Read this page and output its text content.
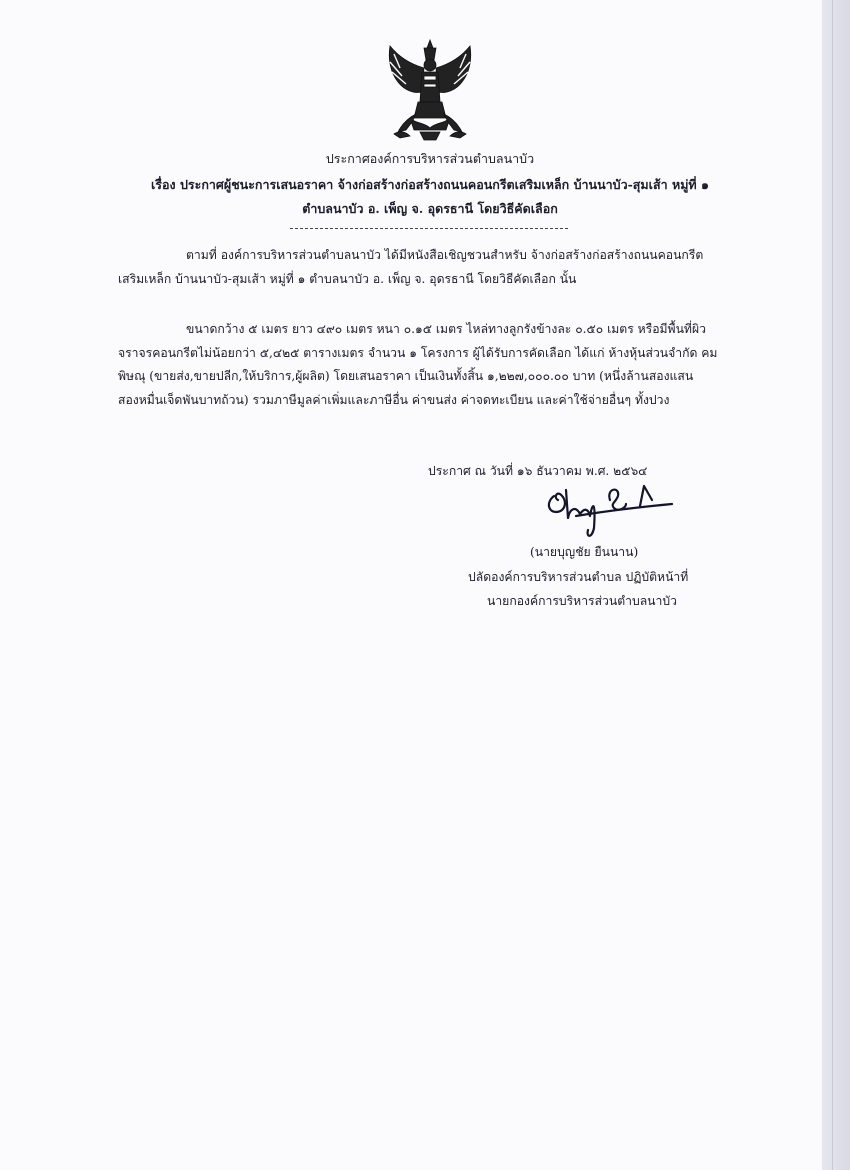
ประกาศองค์การบริหารส่วนตำบลนาบัว
เรื่อง ประกาศผู้ชนะการเสนอราคา จ้างก่อสร้างก่อสร้างถนนคอนกรีตเสริมเหล็ก บ้านนาบัว-สุมเส้า หมู่ที่ ๑
ตำบลนาบัว อ. เพ็ญ จ. อุดรธานี โดยวิธีคัดเลือก
ตามที่ องค์การบริหารส่วนตำบลนาบัว ได้มีหนังสือเชิญชวนสำหรับ จ้างก่อสร้างก่อสร้างถนนคอนกรีต
เสริมเหล็ก บ้านนาบัว-สุมเส้า หมู่ที่ ๑ ตำบลนาบัว อ. เพ็ญ จ. อุดรธานี โดยวิธีคัดเลือก นั้น
ขนาดกว้าง ๕ เมตร ยาว ๔๙๐ เมตร หนา ๐.๑๕ เมตร ไหล่ทางลูกรังข้างละ ๐.๕๐ เมตร หรือมีพื้นที่ผิว
จราจรคอนกรีตไม่น้อยกว่า ๕,๔๒๕ ตารางเมตร จำนวน ๑ โครงการ ผู้ได้รับการคัดเลือก ได้แก่ ห้างหุ้นส่วนจำกัด คม
พิษณุ (ขายส่ง,ขายปลีก,ให้บริการ,ผู้ผลิต) โดยเสนอราคา เป็นเงินทั้งสิ้น ๑,๒๒๗,๐๐๐.๐๐ บาท (หนึ่งล้านสองแสน
สองหมื่นเจ็ดพันบาทถ้วน) รวมภาษีมูลค่าเพิ่มและภาษีอื่น ค่าขนส่ง ค่าจดทะเบียน และค่าใช้จ่ายอื่นๆ ทั้งปวง
ประกาศ ณ วันที่ ๑๖ ธันวาคม พ.ศ. ๒๕๖๔
(นายบุญชัย ยืนนาน)
ปลัดองค์การบริหารส่วนตำบล ปฏิบัติหน้าที่
นายกองค์การบริหารส่วนตำบลนาบัว
